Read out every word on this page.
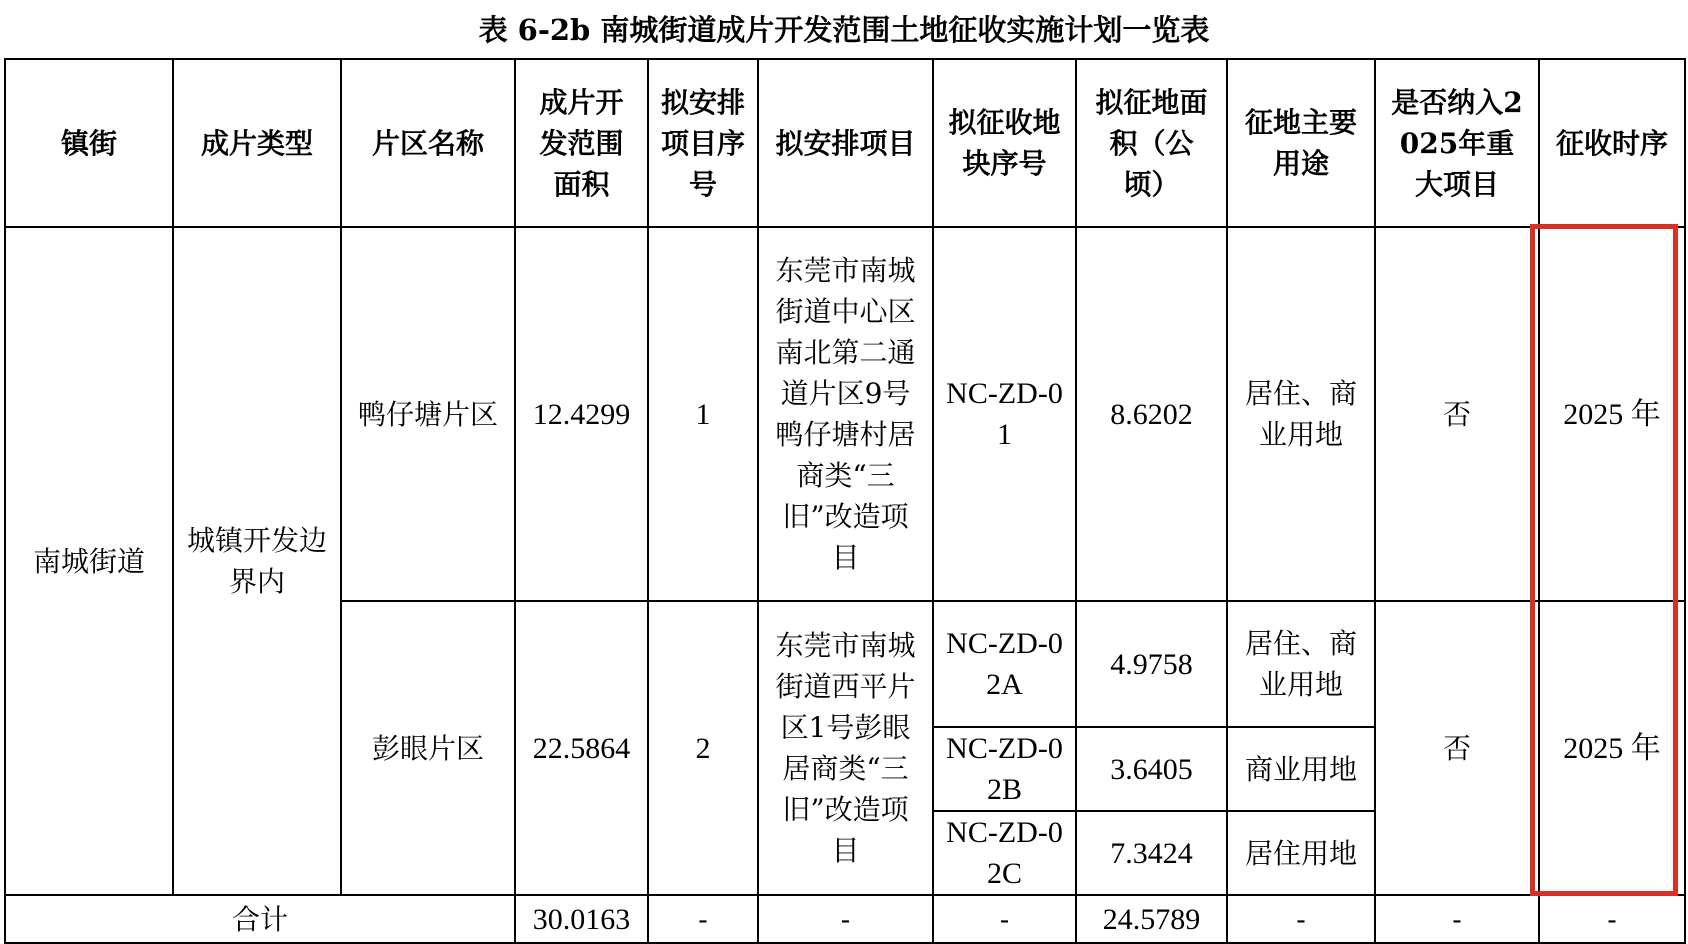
表 6-2b 南城街道成片开发范围土地征收实施计划一览表
镇街	成片类型	片区名称	成片开发范围面积	拟安排项目序号	拟安排项目	拟征收地块序号	拟征地面积（公顷）	征地主要用途	是否纳入2025年重大项目	征收时序
南城街道	城镇开发边界内	鸭仔塘片区	12.4299	1	东莞市南城街道中心区南北第二通道片区9号鸭仔塘村居商类“三旧”改造项目	NC-ZD-01	8.6202	居住、商业用地	否	2025 年
		彭眼片区	22.5864	2	东莞市南城街道西平片区1号彭眼居商类“三旧”改造项目	NC-ZD-02A	4.9758	居住、商业用地	否	2025 年
						NC-ZD-02B	3.6405	商业用地		
						NC-ZD-02C	7.3424	居住用地		
合计			30.0163	-	-	-	24.5789	-	-	-
